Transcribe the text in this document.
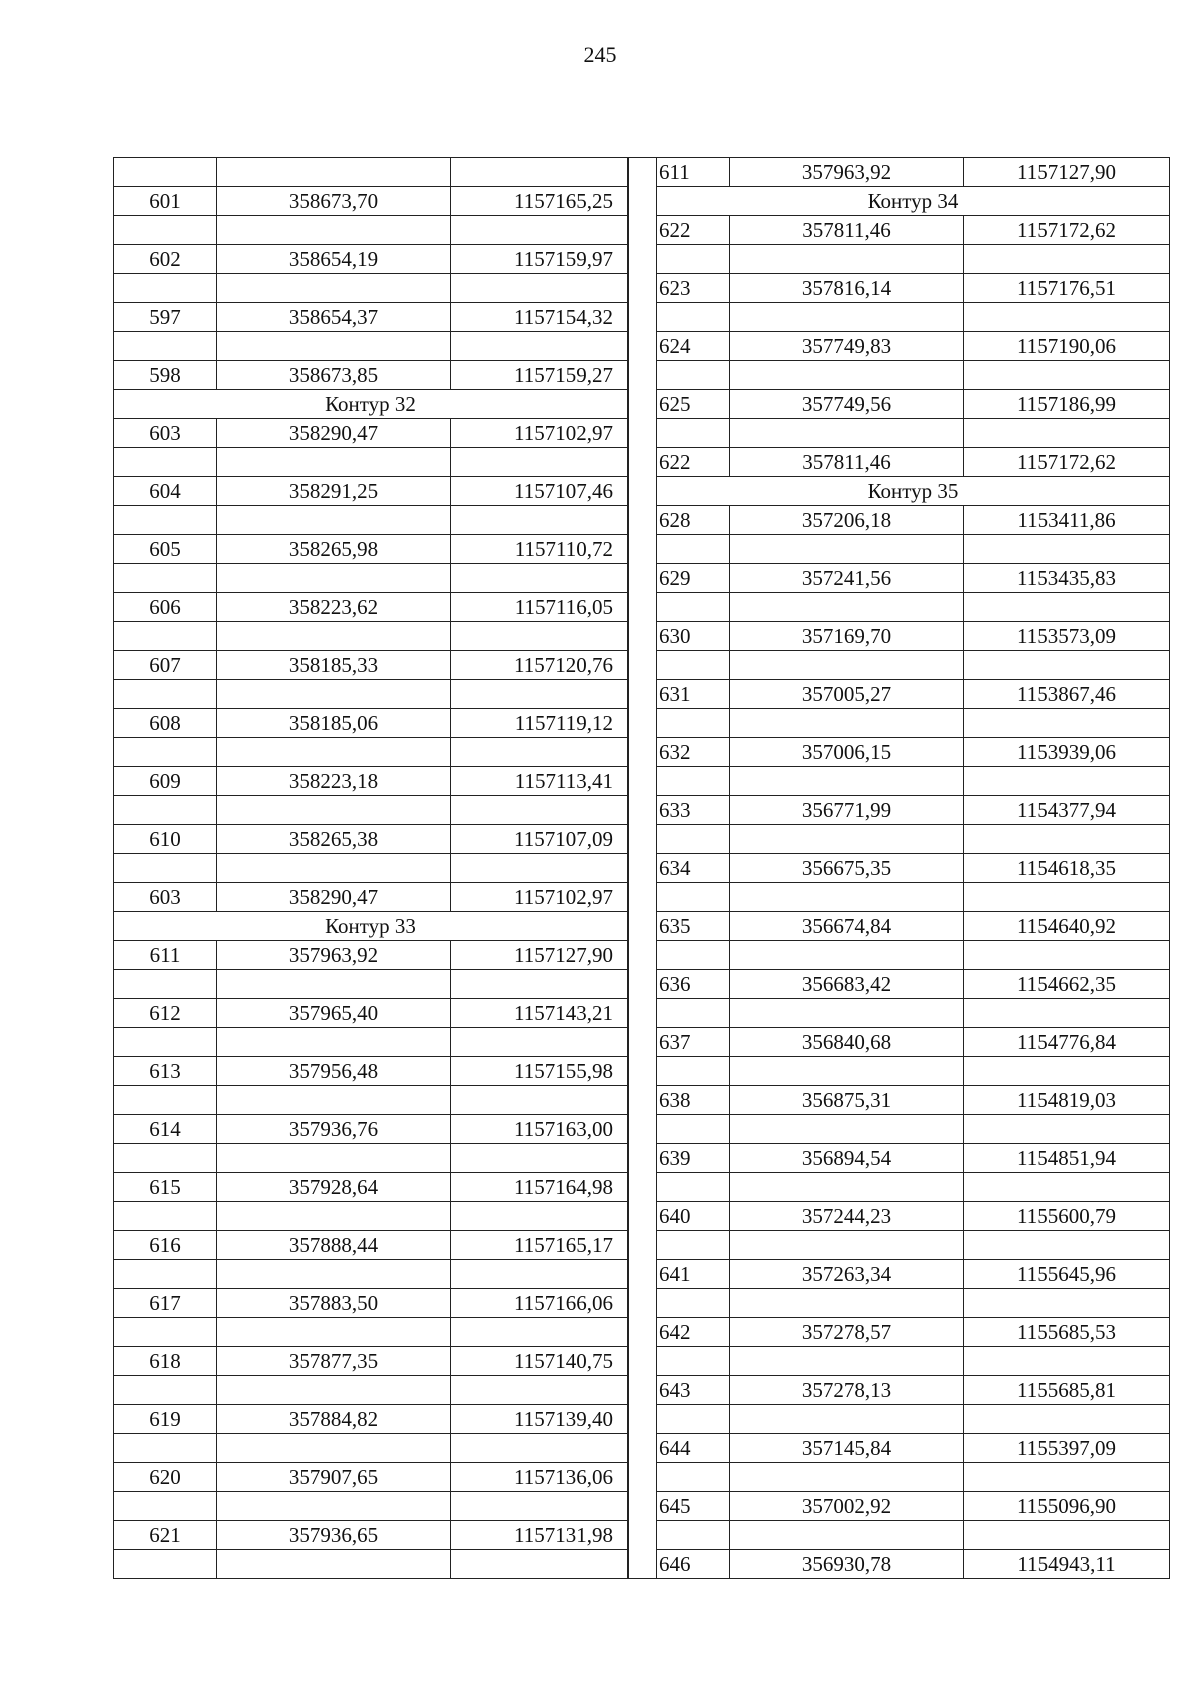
245

601	358673,70	1157165,25

602	358654,19	1157159,97

597	358654,37	1157154,32

598	358673,85	1157159,27
Контур 32		
603	358290,47	1157102,97

604	358291,25	1157107,46

605	358265,98	1157110,72

606	358223,62	1157116,05

607	358185,33	1157120,76

608	358185,06	1157119,12

609	358223,18	1157113,41

610	358265,38	1157107,09

603	358290,47	1157102,97
Контур 33		
611	357963,92	1157127,90

612	357965,40	1157143,21

613	357956,48	1157155,98

614	357936,76	1157163,00

615	357928,64	1157164,98

616	357888,44	1157165,17

617	357883,50	1157166,06

618	357877,35	1157140,75

619	357884,82	1157139,40

620	357907,65	1157136,06

621	357936,65	1157131,98

611	357963,92	1157127,90
Контур 34		
622	357811,46	1157172,62

623	357816,14	1157176,51

624	357749,83	1157190,06

625	357749,56	1157186,99

622	357811,46	1157172,62
Контур 35		
628	357206,18	1153411,86

629	357241,56	1153435,83

630	357169,70	1153573,09

631	357005,27	1153867,46

632	357006,15	1153939,06

633	356771,99	1154377,94

634	356675,35	1154618,35

635	356674,84	1154640,92

636	356683,42	1154662,35

637	356840,68	1154776,84

638	356875,31	1154819,03

639	356894,54	1154851,94

640	357244,23	1155600,79

641	357263,34	1155645,96

642	357278,57	1155685,53

643	357278,13	1155685,81

644	357145,84	1155397,09

645	357002,92	1155096,90

646	356930,78	1154943,11
